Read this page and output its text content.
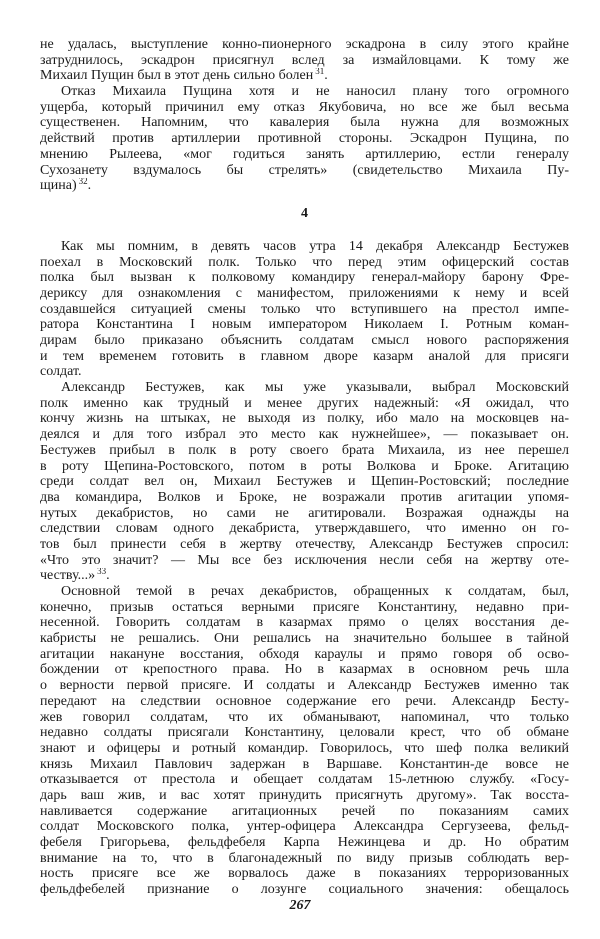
не удалась, выступление конно-пионерного эскадрона в силу этого крайне
затруднилось, эскадрон присягнул вслед за измайловцами. К тому же
Михаил Пущин был в этот день сильно болен $^{31}$.
Отказ Михаила Пущина хотя и не наносил плану того огромного
ущерба, который причинил ему отказ Якубовича, но все же был весьма
существенен. Напомним, что кавалерия была нужна для возможных
действий против артиллерии противной стороны. Эскадрон Пущина, по
мнению Рылеева, «мог годиться занять артиллерию, естли генералу
Сухозанету вздумалось бы стрелять» (свидетельство Михаила Пу-
щина) $^{32}$.
4
Как мы помним, в девять часов утра 14 декабря Александр Бестужев
поехал в Московский полк. Только что перед этим офицерский состав
полка был вызван к полковому командиру генерал-майору барону Фре-
дериксу для ознакомления с манифестом, приложениями к нему и всей
создавшейся ситуацией смены только что вступившего на престол импе-
ратора Константина I новым императором Николаем I. Ротным коман-
дирам было приказано объяснить солдатам смысл нового распоряжения
и тем временем готовить в главном дворе казарм аналой для присяги
солдат.
Александр Бестужев, как мы уже указывали, выбрал Московский
полк именно как трудный и менее других надежный: «Я ожидал, что
кончу жизнь на штыках, не выходя из полку, ибо мало на московцев на-
деялся и для того избрал это место как нужнейшее», — показывает он.
Бестужев прибыл в полк в роту своего брата Михаила, из нее перешел
в роту Щепина-Ростовского, потом в роты Волкова и Броке. Агитацию
среди солдат вел он, Михаил Бестужев и Щепин-Ростовский; последние
два командира, Волков и Броке, не возражали против агитации упомя-
нутых декабристов, но сами не агитировали. Возражая однажды на
следствии словам одного декабриста, утверждавшего, что именно он го-
тов был принести себя в жертву отечеству, Александр Бестужев спросил:
«Что это значит? — Мы все без исключения несли себя на жертву оте-
честву...» $^{33}$.
Основной темой в речах декабристов, обращенных к солдатам, был,
конечно, призыв остаться верными присяге Константину, недавно при-
несенной. Говорить солдатам в казармах прямо о целях восстания де-
кабристы не решались. Они решались на значительно большее в тайной
агитации накануне восстания, обходя караулы и прямо говоря об осво-
бождении от крепостного права. Но в казармах в основном речь шла
о верности первой присяге. И солдаты и Александр Бестужев именно так
передают на следствии основное содержание его речи. Александр Бесту-
жев говорил солдатам, что их обманывают, напоминал, что только
недавно солдаты присягали Константину, целовали крест, что об обмане
знают и офицеры и ротный командир. Говорилось, что шеф полка великий
князь Михаил Павлович задержан в Варшаве. Константин-де вовсе не
отказывается от престола и обещает солдатам 15-летнюю службу. «Госу-
дарь ваш жив, и вас хотят принудить присягнуть другому». Так восста-
навливается содержание агитационных речей по показаниям самих
солдат Московского полка, унтер-офицера Александра Сергузеева, фельд-
фебеля Григорьева, фельдфебеля Карпа Нежинцева и др. Но обратим
внимание на то, что в благонадежный по виду призыв соблюдать вер-
ность присяге все же ворвалось даже в показаниях терроризованных
фельдфебелей признание о лозунге социального значения: обещалось
267
